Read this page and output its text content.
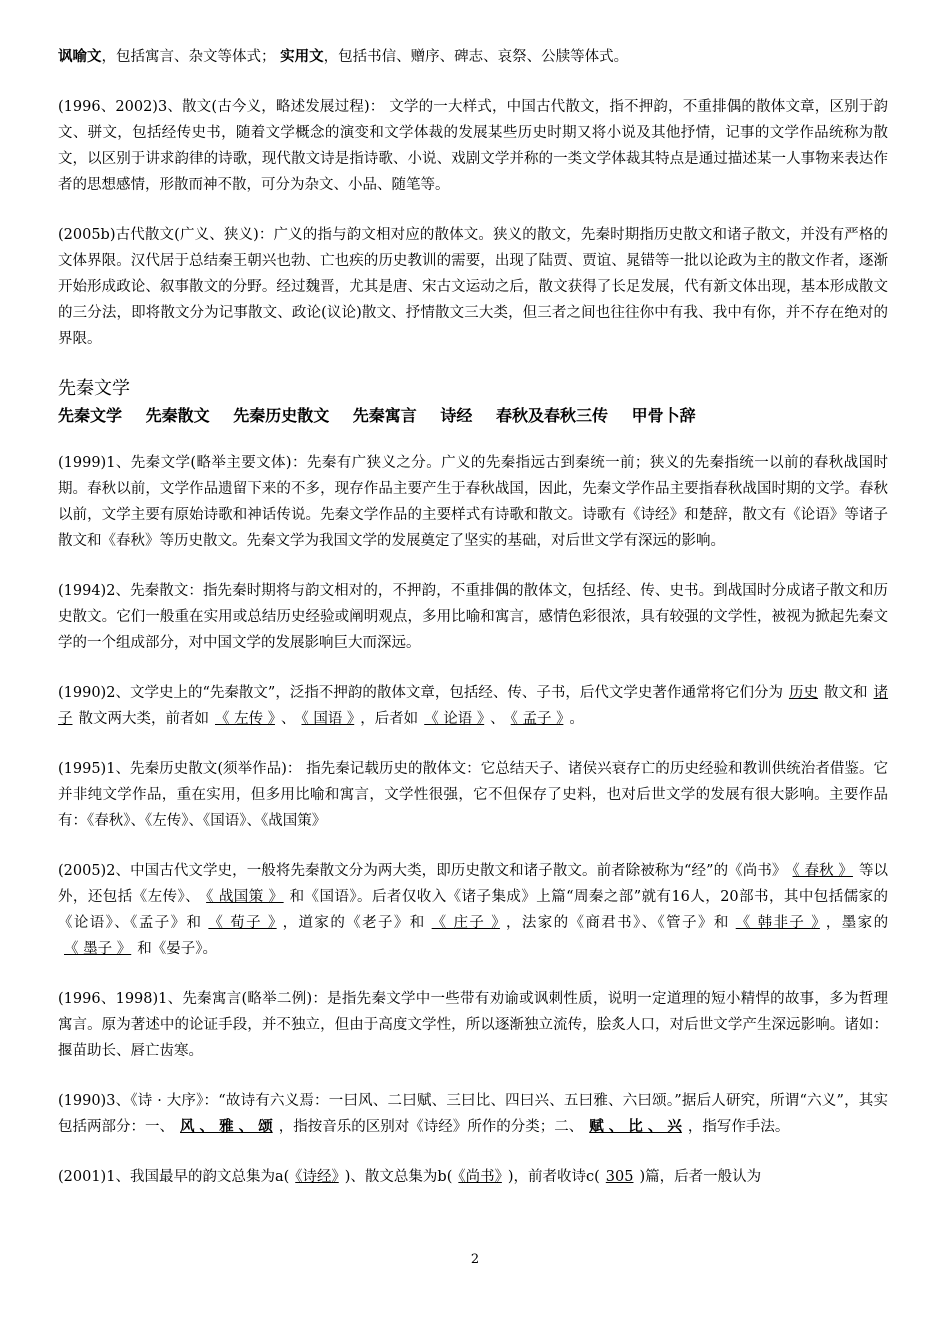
讽喻文，包括寓言、杂文等体式； 实用文，包括书信、赠序、碑志、哀祭、公牍等体式。

(1996、2002)3、散文(古今义，略述发展过程)： 文学的一大样式，中国古代散文，指不押韵，不重排偶的散体文章，区别于韵文、骈文，包括经传史书，随着文学概念的演变和文学体裁的发展某些历史时期又将小说及其他抒情，记事的文学作品统称为散文，以区别于讲求韵律的诗歌，现代散文诗是指诗歌、小说、戏剧文学并称的一类文学体裁其特点是通过描述某一人事物来表达作者的思想感情，形散而神不散，可分为杂文、小品、随笔等。

(2005b)古代散文(广义、狭义)：广义的指与韵文相对应的散体文。狭义的散文，先秦时期指历史散文和诸子散文，并没有严格的文体界限。汉代居于总结秦王朝兴也勃、亡也疾的历史教训的需要，出现了陆贾、贾谊、晁错等一批以论政为主的散文作者，逐渐开始形成政论、叙事散文的分野。经过魏晋，尤其是唐、宋古文运动之后，散文获得了长足发展，代有新文体出现，基本形成散文的三分法，即将散文分为记事散文、政论(议论)散文、抒情散文三大类，但三者之间也往往你中有我、我中有你，并不存在绝对的界限。

先秦文学
先秦文学 先秦散文 先秦历史散文 先秦寓言 诗经 春秋及春秋三传 甲骨卜辞

(1999)1、先秦文学(略举主要文体)：先秦有广狭义之分。广义的先秦指远古到秦统一前；狭义的先秦指统一以前的春秋战国时期。春秋以前，文学作品遗留下来的不多，现存作品主要产生于春秋战国，因此，先秦文学作品主要指春秋战国时期的文学。春秋以前，文学主要有原始诗歌和神话传说。先秦文学作品的主要样式有诗歌和散文。诗歌有《诗经》和楚辞，散文有《论语》等诸子散文和《春秋》等历史散文。先秦文学为我国文学的发展奠定了坚实的基础，对后世文学有深远的影响。

(1994)2、先秦散文：指先秦时期将与韵文相对的，不押韵，不重排偶的散体文，包括经、传、史书。到战国时分成诸子散文和历史散文。它们一般重在实用或总结历史经验或阐明观点，多用比喻和寓言，感情色彩很浓，具有较强的文学性，被视为掀起先秦文学的一个组成部分，对中国文学的发展影响巨大而深远。

(1990)2、文学史上的“先秦散文”，泛指不押韵的散体文章，包括经、传、子书，后代文学史著作通常将它们分为 历史 散文和 诸子 散文两大类，前者如 《 左传 》 、 《 国语 》 ，后者如 《 论语 》 、 《 孟子 》 。

(1995)1、先秦历史散文(须举作品)： 指先秦记载历史的散体文：它总结天子、诸侯兴衰存亡的历史经验和教训供统治者借鉴。它并非纯文学作品，重在实用，但多用比喻和寓言，文学性很强，它不但保存了史料，也对后世文学的发展有很大影响。主要作品有：《春秋》、《左传》、《国语》、《战国策》

(2005)2、中国古代文学史，一般将先秦散文分为两大类，即历史散文和诸子散文。前者除被称为“经”的《尚书》 《 春秋 》 等以外，还包括《左传》、 《 战国策 》 和《国语》。后者仅收入《诸子集成》上篇“周秦之部”就有16人，20部书，其中包括儒家的《论语》、《孟子》和 《 荀子 》 ，道家的《老子》和 《 庄子 》 ，法家的《商君书》、《管子》和 《 韩非子 》 ，墨家的《 墨子 》 和《晏子》。

(1996、1998)1、先秦寓言(略举二例)：是指先秦文学中一些带有劝谕或讽刺性质，说明一定道理的短小精悍的故事，多为哲理寓言。原为著述中的论证手段，并不独立，但由于高度文学性，所以逐渐独立流传，脍炙人口，对后世文学产生深远影响。诸如：揠苗助长、唇亡齿寒。

(1990)3、《诗 · 大序》：“故诗有六义焉：一曰风、二曰赋、三曰比、四曰兴、五曰雅、六曰颂。”据后人研究，所谓“六义”，其实包括两部分：一、 风 、 雅 、 颂 ，指按音乐的区别对《诗经》所作的分类；二、 赋 、 比 、 兴 ，指写作手法。

(2001)1、我国最早的韵文总集为a( 《诗经》 )、散文总集为b( 《尚书》 )，前者收诗c( 305 )篇，后者一般认为

2
